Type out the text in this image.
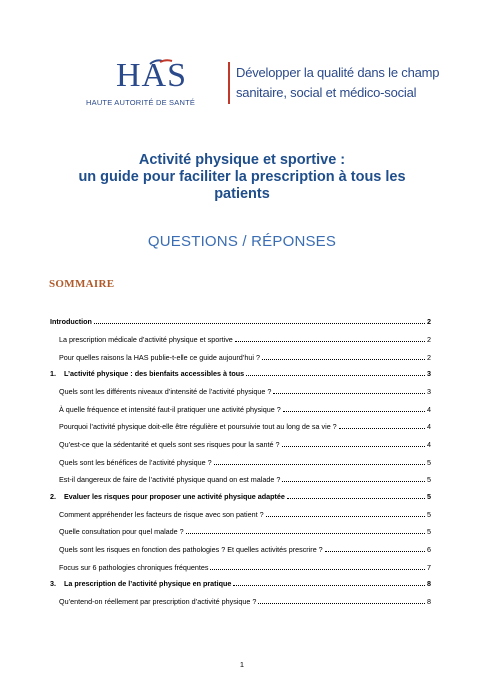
HAS
HAUTE AUTORITÉ DE SANTÉ
Développer la qualité dans le champ
sanitaire, social et médico-social
Activité physique et sportive :
un guide pour faciliter la prescription à tous les
patients
QUESTIONS / RÉPONSES
SOMMAIRE
Introduction	2
La prescription médicale d’activité physique et sportive	2
Pour quelles raisons la HAS publie-t-elle ce guide aujourd’hui ?	2
1.	L’activité physique : des bienfaits accessibles à tous	3
Quels sont les différents niveaux d’intensité de l’activité physique ?	3
À quelle fréquence et intensité faut-il pratiquer une activité physique ?	4
Pourquoi l’activité physique doit-elle être régulière et poursuivie tout au long de sa vie ?	4
Qu’est-ce que la sédentarité et quels sont ses risques pour la santé ?	4
Quels sont les bénéfices de l’activité physique ?	5
Est-il dangereux de faire de l’activité physique quand on est malade ?	5
2.	Evaluer les risques pour proposer une activité physique adaptée	5
Comment appréhender les facteurs de risque avec son patient ?	5
Quelle consultation pour quel malade ?	5
Quels sont les risques en fonction des pathologies ? Et quelles activités prescrire ?	6
Focus sur 6 pathologies chroniques fréquentes	7
3.	La prescription de l’activité physique en pratique	8
Qu’entend-on réellement par prescription d’activité physique ?	8
1
